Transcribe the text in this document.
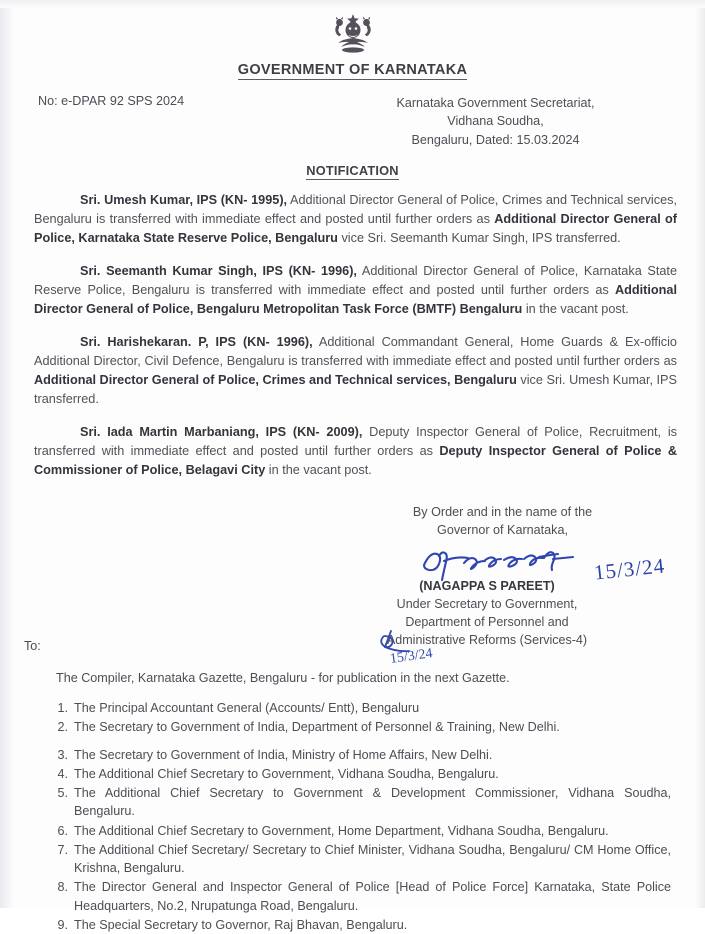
GOVERNMENT OF KARNATAKA
No: e-DPAR 92 SPS 2024	Karnataka Government Secretariat,
Vidhana Soudha,
Bengaluru, Dated: 15.03.2024
NOTIFICATION

Sri. Umesh Kumar, IPS (KN- 1995), Additional Director General of Police, Crimes and Technical services, Bengaluru is transferred with immediate effect and posted until further orders as Additional Director General of Police, Karnataka State Reserve Police, Bengaluru vice Sri. Seemanth Kumar Singh, IPS transferred.

Sri. Seemanth Kumar Singh, IPS (KN- 1996), Additional Director General of Police, Karnataka State Reserve Police, Bengaluru is transferred with immediate effect and posted until further orders as Additional Director General of Police, Bengaluru Metropolitan Task Force (BMTF) Bengaluru in the vacant post.

Sri. Harishekaran. P, IPS (KN- 1996), Additional Commandant General, Home Guards & Ex-officio Additional Director, Civil Defence, Bengaluru is transferred with immediate effect and posted until further orders as Additional Director General of Police, Crimes and Technical services, Bengaluru vice Sri. Umesh Kumar, IPS transferred.

Sri. Iada Martin Marbaniang, IPS (KN- 2009), Deputy Inspector General of Police, Recruitment, is transferred with immediate effect and posted until further orders as Deputy Inspector General of Police & Commissioner of Police, Belagavi City in the vacant post.

By Order and in the name of the
Governor of Karnataka,
15/3/24
(NAGAPPA S PAREET)
Under Secretary to Government,
Department of Personnel and
Administrative Reforms (Services-4)
To:
15/3/24
The Compiler, Karnataka Gazette, Bengaluru - for publication in the next Gazette.
1. The Principal Accountant General (Accounts/ Entt), Bengaluru
2. The Secretary to Government of India, Department of Personnel & Training, New Delhi.
3. The Secretary to Government of India, Ministry of Home Affairs, New Delhi.
4. The Additional Chief Secretary to Government, Vidhana Soudha, Bengaluru.
5. The Additional Chief Secretary to Government & Development Commissioner, Vidhana Soudha, Bengaluru.
6. The Additional Chief Secretary to Government, Home Department, Vidhana Soudha, Bengaluru.
7. The Additional Chief Secretary/ Secretary to Chief Minister, Vidhana Soudha, Bengaluru/ CM Home Office, Krishna, Bengaluru.
8. The Director General and Inspector General of Police [Head of Police Force] Karnataka, State Police Headquarters, No.2, Nrupatunga Road, Bengaluru.
9. The Special Secretary to Governor, Raj Bhavan, Bengaluru.
